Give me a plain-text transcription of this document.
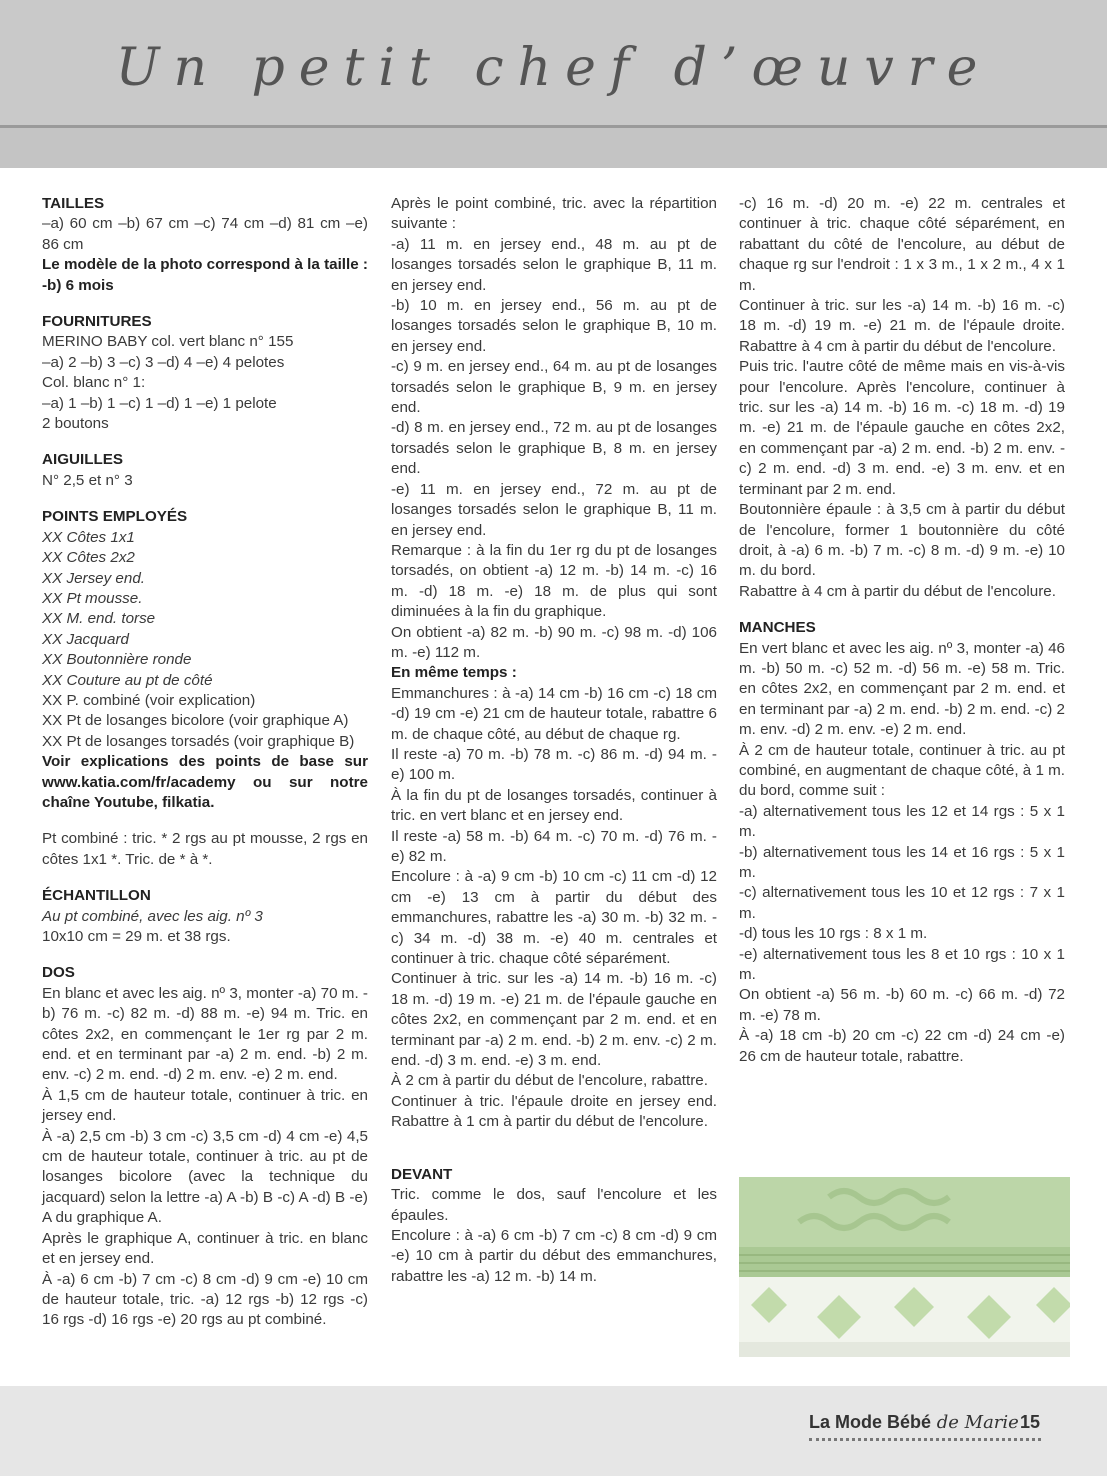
Un petit chef d’œuvre
DESIGN M-501

TAILLES

–a) 60 cm –b) 67 cm –c) 74 cm –d) 81 cm –e) 86 cm

Le modèle de la photo correspond à la taille : -b) 6 mois

FOURNITURES

MERINO BABY col. vert blanc n° 155

–a) 2 –b) 3 –c) 3 –d) 4 –e) 4 pelotes

Col. blanc n° 1:

–a) 1 –b) 1 –c) 1 –d) 1 –e) 1 pelote

2 boutons

AIGUILLES

N° 2,5 et n° 3

POINTS EMPLOYÉS

XX Côtes 1x1

XX Côtes 2x2

XX Jersey end.

XX Pt mousse.

XX M. end. torse

XX Jacquard

XX Boutonnière ronde

XX Couture au pt de côté

XX P. combiné (voir explication)

XX Pt de losanges bicolore (voir graphique A)

XX Pt de losanges torsadés (voir graphique B)

Voir explications des points de base sur www.katia.com/fr/academy ou sur notre chaîne Youtube, filkatia.

Pt combiné : tric. * 2 rgs au pt mousse, 2 rgs en côtes 1x1 *. Tric. de * à *.

ÉCHANTILLON

Au pt combiné, avec les aig. nº 3

10x10 cm = 29 m. et 38 rgs.

DOS

En blanc et avec les aig. nº 3, monter -a) 70 m. -b) 76 m. -c) 82 m. -d) 88 m. -e) 94 m. Tric. en côtes 2x2, en commençant le 1er rg par 2 m. end. et en terminant par -a) 2 m. end. -b) 2 m. env. -c) 2 m. end. -d) 2 m. env. -e) 2 m. end.

À 1,5 cm de hauteur totale, continuer à tric. en jersey end.

À -a) 2,5 cm -b) 3 cm -c) 3,5 cm -d) 4 cm -e) 4,5 cm de hauteur totale, continuer à tric. au pt de losanges bicolore (avec la technique du jacquard) selon la lettre -a) A -b) B -c) A -d) B -e) A du graphique A.

Après le graphique A, continuer à tric. en blanc et en jersey end.

À -a) 6 cm -b) 7 cm -c) 8 cm -d) 9 cm -e) 10 cm de hauteur totale, tric. -a) 12 rgs -b) 12 rgs -c) 16 rgs -d) 16 rgs -e) 20 rgs au pt combiné.

Après le point combiné, tric. avec la répartition suivante :

-a) 11 m. en jersey end., 48 m. au pt de losanges torsadés selon le graphique B, 11 m. en jersey end.

-b) 10 m. en jersey end., 56 m. au pt de losanges torsadés selon le graphique B, 10 m. en jersey end.

-c) 9 m. en jersey end., 64 m. au pt de losanges torsadés selon le graphique B, 9 m. en jersey end.

-d) 8 m. en jersey end., 72 m. au pt de losanges torsadés selon le graphique B, 8 m. en jersey end.

-e) 11 m. en jersey end., 72 m. au pt de losanges torsadés selon le graphique B, 11 m. en jersey end.

Remarque : à la fin du 1er rg du pt de losanges torsadés, on obtient -a) 12 m. -b) 14 m. -c) 16 m. -d) 18 m. -e) 18 m. de plus qui sont diminuées à la fin du graphique.

On obtient -a) 82 m. -b) 90 m. -c) 98 m. -d) 106 m. -e) 112 m.

En même temps :

Emmanchures : à -a) 14 cm -b) 16 cm -c) 18 cm -d) 19 cm -e) 21 cm de hauteur totale, rabattre 6 m. de chaque côté, au début de chaque rg.

Il reste -a) 70 m. -b) 78 m. -c) 86 m. -d) 94 m. -e) 100 m.

À la fin du pt de losanges torsadés, continuer à tric. en vert blanc et en jersey end.

Il reste -a) 58 m. -b) 64 m. -c) 70 m. -d) 76 m. -e) 82 m.

Encolure : à -a) 9 cm -b) 10 cm -c) 11 cm -d) 12 cm -e) 13 cm à partir du début des emmanchures, rabattre les -a) 30 m. -b) 32 m. -c) 34 m. -d) 38 m. -e) 40 m. centrales et continuer à tric. chaque côté séparément.

Continuer à tric. sur les -a) 14 m. -b) 16 m. -c) 18 m. -d) 19 m. -e) 21 m. de l'épaule gauche en côtes 2x2, en commençant par 2 m. end. et en terminant par -a) 2 m. end. -b) 2 m. env. -c) 2 m. end. -d) 3 m. end. -e) 3 m. end.

À 2 cm à partir du début de l'encolure, rabattre.

Continuer à tric. l'épaule droite en jersey end. Rabattre à 1 cm à partir du début de l'encolure.

DEVANT

Tric. comme le dos, sauf l'encolure et les épaules.

Encolure : à -a) 6 cm -b) 7 cm -c) 8 cm -d) 9 cm -e) 10 cm à partir du début des emmanchures, rabattre les -a) 12 m. -b) 14 m.

-c) 16 m. -d) 20 m. -e) 22 m. centrales et continuer à tric. chaque côté séparément, en rabattant du côté de l'encolure, au début de chaque rg sur l'endroit : 1 x 3 m., 1 x 2 m., 4 x 1 m.

Continuer à tric. sur les -a) 14 m. -b) 16 m. -c) 18 m. -d) 19 m. -e) 21 m. de l'épaule droite. Rabattre à 4 cm à partir du début de l'encolure.

Puis tric. l'autre côté de même mais en vis-à-vis pour l'encolure. Après l'encolure, continuer à tric. sur les -a) 14 m. -b) 16 m. -c) 18 m. -d) 19 m. -e) 21 m. de l'épaule gauche en côtes 2x2, en commençant par -a) 2 m. end. -b) 2 m. env. -c) 2 m. end. -d) 3 m. end. -e) 3 m. env. et en terminant par 2 m. end.

Boutonnière épaule : à 3,5 cm à partir du début de l'encolure, former 1 boutonnière du côté droit, à -a) 6 m. -b) 7 m. -c) 8 m. -d) 9 m. -e) 10 m. du bord.

Rabattre à 4 cm à partir du début de l'encolure.

MANCHES

En vert blanc et avec les aig. nº 3, monter -a) 46 m. -b) 50 m. -c) 52 m. -d) 56 m. -e) 58 m. Tric. en côtes 2x2, en commençant par 2 m. end. et en terminant par -a) 2 m. end. -b) 2 m. end. -c) 2 m. env. -d) 2 m. env. -e) 2 m. end.

À 2 cm de hauteur totale, continuer à tric. au pt combiné, en augmentant de chaque côté, à 1 m. du bord, comme suit :

-a) alternativement tous les 12 et 14 rgs : 5 x 1 m.

-b) alternativement tous les 14 et 16 rgs : 5 x 1 m.

-c) alternativement tous les 10 et 12 rgs : 7 x 1 m.

-d) tous les 10 rgs : 8 x 1 m.

-e) alternativement tous les 8 et 10 rgs : 10 x 1 m.

On obtient -a) 56 m. -b) 60 m. -c) 66 m. -d) 72 m. -e) 78 m.

À -a) 18 cm -b) 20 cm -c) 22 cm -d) 24 cm -e) 26 cm de hauteur totale, rabattre.

La Mode Bébé de Marie 15
